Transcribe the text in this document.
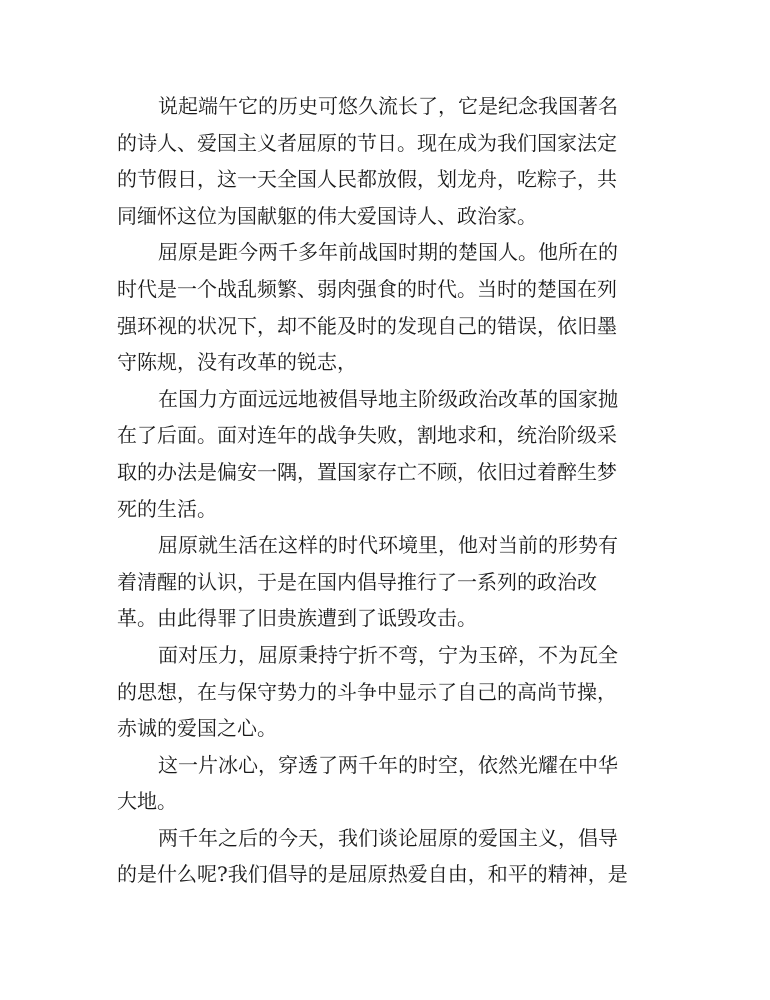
说起端午它的历史可悠久流长了，它是纪念我国著名
的诗人、爱国主义者屈原的节日。现在成为我们国家法定
的节假日，这一天全国人民都放假，划龙舟，吃粽子，共
同缅怀这位为国献躯的伟大爱国诗人、政治家。
屈原是距今两千多年前战国时期的楚国人。他所在的
时代是一个战乱频繁、弱肉强食的时代。当时的楚国在列
强环视的状况下，却不能及时的发现自己的错误，依旧墨
守陈规，没有改革的锐志，
在国力方面远远地被倡导地主阶级政治改革的国家抛
在了后面。面对连年的战争失败，割地求和，统治阶级采
取的办法是偏安一隅，置国家存亡不顾，依旧过着醉生梦
死的生活。
屈原就生活在这样的时代环境里，他对当前的形势有
着清醒的认识，于是在国内倡导推行了一系列的政治改
革。由此得罪了旧贵族遭到了诋毁攻击。
面对压力，屈原秉持宁折不弯，宁为玉碎，不为瓦全
的思想，在与保守势力的斗争中显示了自己的高尚节操，
赤诚的爱国之心。
这一片冰心，穿透了两千年的时空，依然光耀在中华
大地。
两千年之后的今天，我们谈论屈原的爱国主义，倡导
的是什么呢?我们倡导的是屈原热爱自由，和平的精神，是
